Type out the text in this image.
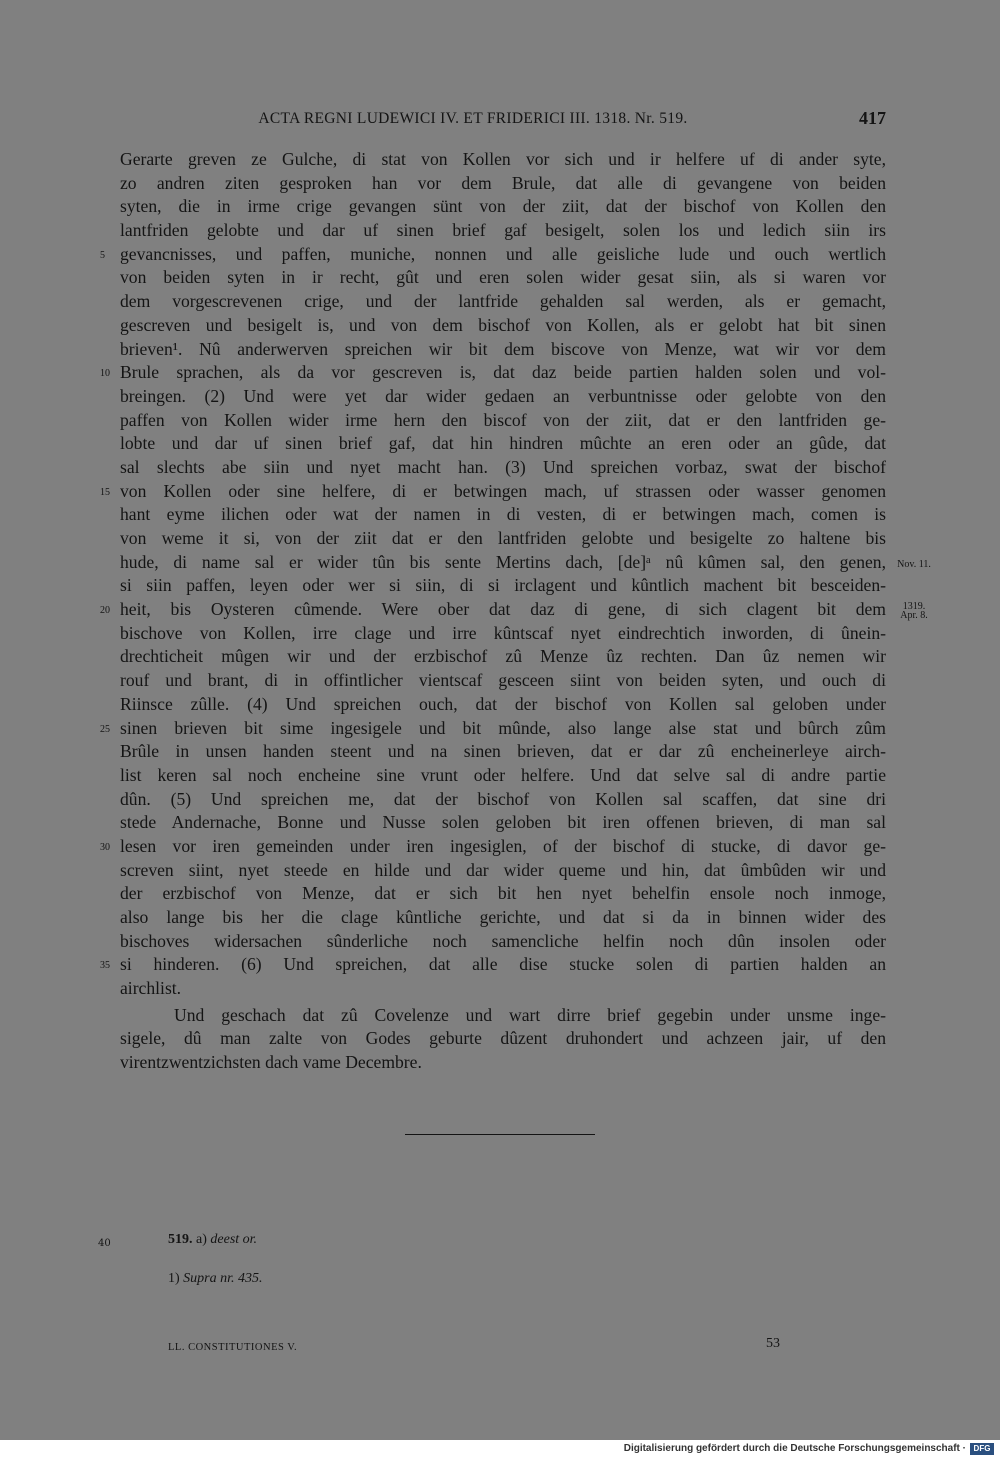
ACTA REGNI LUDEWICI IV. ET FRIDERICI III. 1318. Nr. 519.	417
Gerarte greven ze Gulche, di stat von Kollen vor sich und ir helfere uf di ander syte,
zo andren ziten gesproken han vor dem Brule, dat alle di gevangene von beiden
syten, die in irme crige gevangen sünt von der ziit, dat der bischof von Kollen den
lantfriden gelobte und dar uf sinen brief gaf besigelt, solen los und ledich siin irs
5 gevancnisses, und paffen, muniche, nonnen und alle geisliche lude und ouch wertlich
von beiden syten in ir recht, gût und eren solen wider gesat siin, als si waren vor
dem vorgescrevenen crige, und der lantfride gehalden sal werden, als er gemacht,
gescreven und besigelt is, und von dem bischof von Kollen, als er gelobt hat bit sinen
brieven¹. Nû anderwerven spreichen wir bit dem biscove von Menze, wat wir vor dem
10 Brule sprachen, als da vor gescreven is, dat daz beide partien halden solen und vol-
breingen. (2) Und were yet dar wider gedaen an verbuntnisse oder gelobte von den
paffen von Kollen wider irme hern den biscof von der ziit, dat er den lantfriden ge-
lobte und dar uf sinen brief gaf, dat hin hindren mûchte an eren oder an gûde, dat
sal slechts abe siin und nyet macht han. (3) Und spreichen vorbaz, swat der bischof
15 von Kollen oder sine helfere, di er betwingen mach, uf strassen oder wasser genomen
hant eyme ilichen oder wat der namen in di vesten, di er betwingen mach, comen is
von weme it si, von der ziit dat er den lantfriden gelobte und besigelte zo haltene bis
hude, di name sal er wider tûn bis sente Mertins dach, [de]ᵃ nû kûmen sal, den genen,
si siin paffen, leyen oder wer si siin, di si irclagent und kûntlich machent bit besceiden-
20 heit, bis Oysteren cûmende. Were ober dat daz di gene, di sich clagent bit dem
bischove von Kollen, irre clage und irre kûntscaf nyet eindrechtich inworden, di ûnein-
drechticheit mûgen wir und der erzbischof zû Menze ûz rechten. Dan ûz nemen wir
rouf und brant, di in offintlicher vientscaf gesceen siint von beiden syten, und ouch di
Riinsce zûlle. (4) Und spreichen ouch, dat der bischof von Kollen sal geloben under
25 sinen brieven bit sime ingesigele und bit mûnde, also lange alse stat und bûrch zûm
Brûle in unsen handen steent und na sinen brieven, dat er dar zû encheinerleye airch-
list keren sal noch encheine sine vrunt oder helfere. Und dat selve sal di andre partie
dûn. (5) Und spreichen me, dat der bischof von Kollen sal scaffen, dat sine dri
stede Andernache, Bonne und Nusse solen geloben bit iren offenen brieven, di man sal
30 lesen vor iren gemeinden under iren ingesiglen, of der bischof di stucke, di davor ge-
screven siint, nyet steede en hilde und dar wider queme und hin, dat ûmbûden wir und
der erzbischof von Menze, dat er sich bit hen nyet behelfin ensole noch inmoge,
also lange bis her die clage kûntliche gerichte, und dat si da in binnen wider des
bischoves widersachen sûnderliche noch samencliche helfin noch dûn insolen oder
35 si hinderen. (6) Und spreichen, dat alle dise stucke solen di partien halden an
airchlist.
Und geschach dat zû Covelenze und wart dirre brief gegebin under unsme inge-
sigele, dû man zalte von Godes geburte dûzent druhondert und achzeen jair, uf den
virentzwentzichsten dach vame Decembre.
Nov. 11.
1319.
Apr. 8.
40	519. a) deest or.
1) Supra nr. 435.
LL. CONSTITUTIONES V.	53
Digitalisierung gefördert durch die Deutsche Forschungsgemeinschaft · DFG
